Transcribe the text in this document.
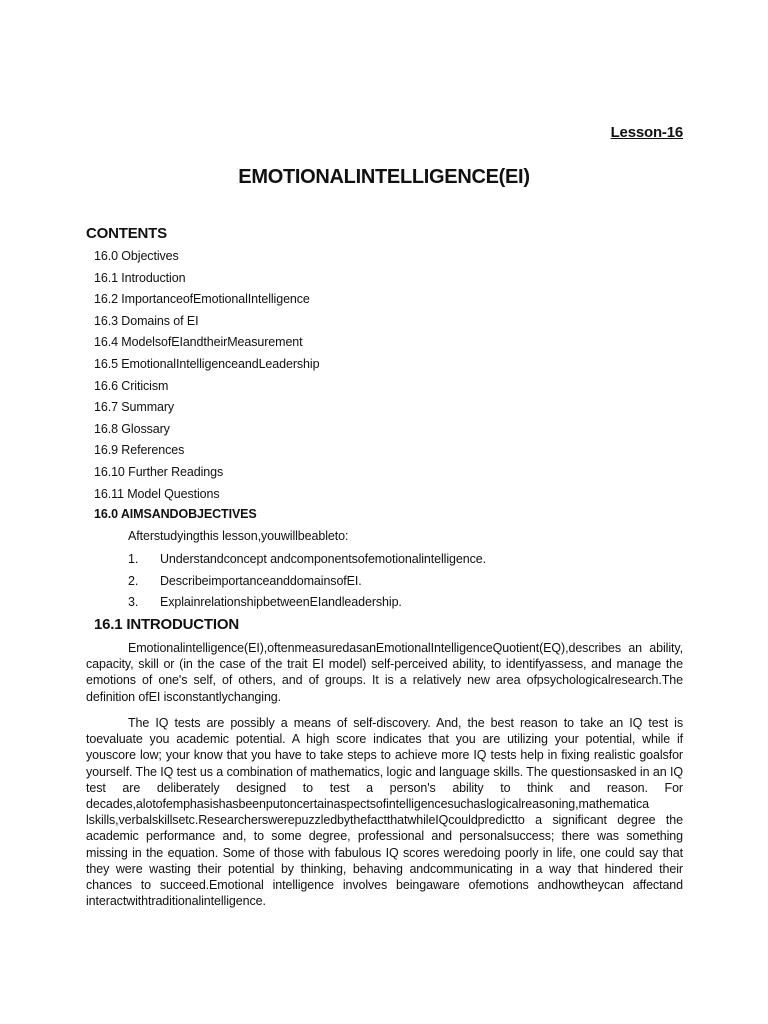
Lesson-16
EMOTIONALINTELLIGENCE(EI)
CONTENTS
16.0 Objectives
16.1 Introduction
16.2 ImportanceofEmotionalIntelligence
16.3 Domains of EI
16.4 ModelsofEIandtheirMeasurement
16.5 EmotionalIntelligenceandLeadership
16.6 Criticism
16.7 Summary
16.8 Glossary
16.9 References
16.10 Further Readings
16.11 Model Questions
16.0 AIMSANDOBJECTIVES
Afterstudyingthis lesson,youwillbeableto:
1. Understandconcept andcomponentsofemotionalintelligence.
2. DescribeimportanceanddomainsofEI.
3. ExplainrelationshipbetweenEIandleadership.
16.1 INTRODUCTION

Emotionalintelligence(EI),oftenmeasuredasanEmotionalIntelligenceQuotient(EQ),describes an ability, capacity, skill or (in the case of the trait EI model) self-perceived ability, to identifyassess, and manage the emotions of one's self, of others, and of groups. It is a relatively new area ofpsychologicalresearch.The definition ofEI isconstantlychanging.

The IQ tests are possibly a means of self-discovery. And, the best reason to take an IQ test is toevaluate you academic potential. A high score indicates that you are utilizing your potential, while if youscore low; your know that you have to take steps to achieve more IQ tests help in fixing realistic goalsfor yourself. The IQ test us a combination of mathematics, logic and language skills. The questionsasked in an IQ test are deliberately designed to test a person's ability to think and reason. For decades,alotofemphasishasbeenputoncertainaspectsofintelligencesuchaslogicalreasoning,mathematica lskills,verbalskillsetc.ResearcherswerepuzzledbythefactthatwhileIQcouldpredictto a significant degree the academic performance and, to some degree, professional and personalsuccess; there was something missing in the equation. Some of those with fabulous IQ scores weredoing poorly in life, one could say that they were wasting their potential by thinking, behaving andcommunicating in a way that hindered their chances to succeed.Emotional intelligence involves beingaware ofemotions andhowtheycan affectand interactwithtraditionalintelligence.
